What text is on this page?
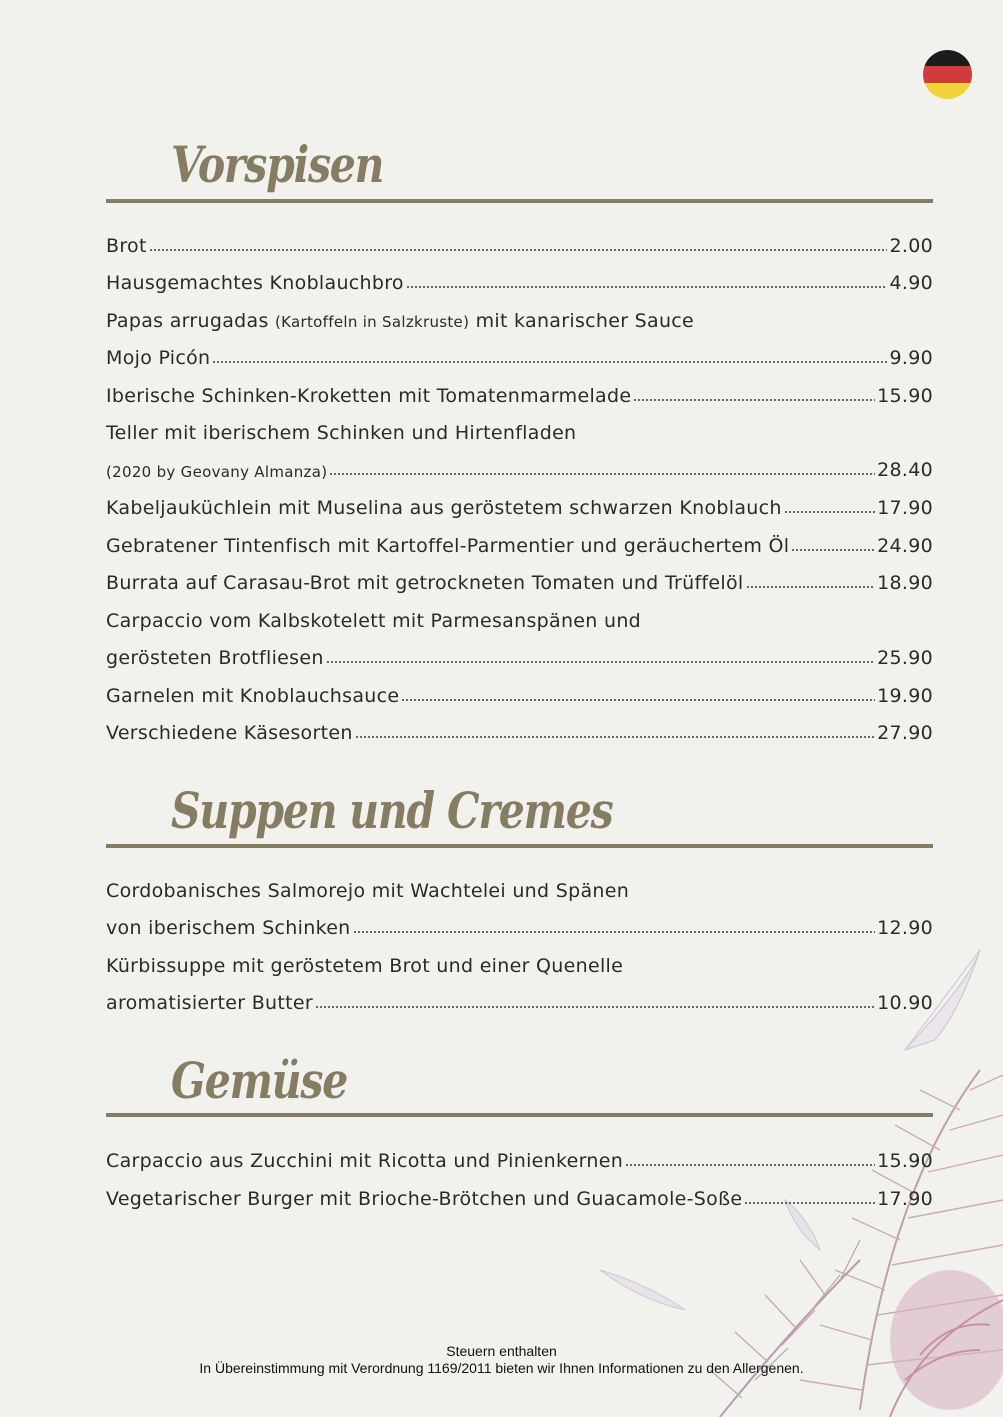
Vorspisen
Brot	2.00
Hausgemachtes Knoblauchbro	4.90
Papas arrugadas (Kartoffeln in Salzkruste) mit kanarischer Sauce
Mojo Picón	9.90
Iberische Schinken-Kroketten mit Tomatenmarmelade	15.90
Teller mit iberischem Schinken und Hirtenfladen
(2020 by Geovany Almanza)	28.40
Kabeljauküchlein mit Muselina aus geröstetem schwarzen Knoblauch	17.90
Gebratener Tintenfisch mit Kartoffel-Parmentier und geräuchertem Öl	24.90
Burrata auf Carasau-Brot mit getrockneten Tomaten und Trüffelöl	18.90
Carpaccio vom Kalbskotelett mit Parmesanspänen und
gerösteten Brotfliesen	25.90
Garnelen mit Knoblauchsauce	19.90
Verschiedene Käsesorten	27.90
Suppen und Cremes
Cordobanisches Salmorejo mit Wachtelei und Spänen
von iberischem Schinken	12.90
Kürbissuppe mit geröstetem Brot und einer Quenelle
aromatisierter Butter	10.90
Gemüse
Carpaccio aus Zucchini mit Ricotta und Pinienkernen	15.90
Vegetarischer Burger mit Brioche-Brötchen und Guacamole-Soße	17.90
Steuern enthalten
In Übereinstimmung mit Verordnung 1169/2011 bieten wir Ihnen Informationen zu den Allergenen.
